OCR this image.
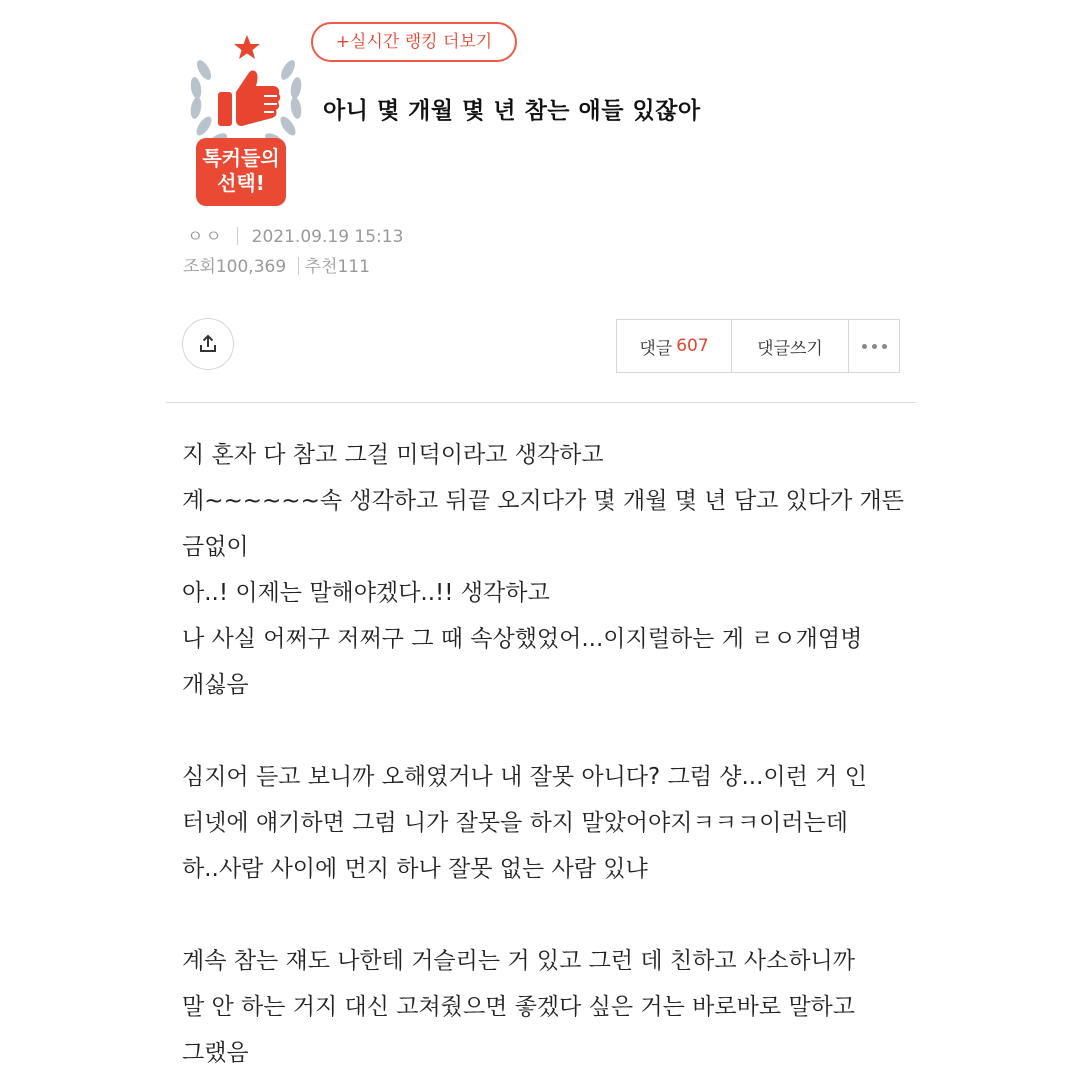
톡커들의
선택!
+실시간 랭킹 더보기
아니 몇 개월 몇 년 참는 애들 있잖아
ㅇㅇ 2021.09.19 15:13
조회100,369 추천111
댓글 607	댓글쓰기
지 혼자 다 참고 그걸 미덕이라고 생각하고
계~~~~~~속 생각하고 뒤끝 오지다가 몇 개월 몇 년 담고 있다가 개뜬
금없이
아..! 이제는 말해야겠다..!! 생각하고
나 사실 어쩌구 저쩌구 그 때 속상했었어...이지럴하는 게 ㄹㅇ개염병
개싫음
심지어 듣고 보니까 오해였거나 내 잘못 아니다? 그럼 샹...이런 거 인
터넷에 얘기하면 그럼 니가 잘못을 하지 말았어야지ㅋㅋㅋ이러는데
하..사람 사이에 먼지 하나 잘못 없는 사람 있냐
계속 참는 쟤도 나한테 거슬리는 거 있고 그런 데 친하고 사소하니까
말 안 하는 거지 대신 고쳐줬으면 좋겠다 싶은 거는 바로바로 말하고
그랬음
